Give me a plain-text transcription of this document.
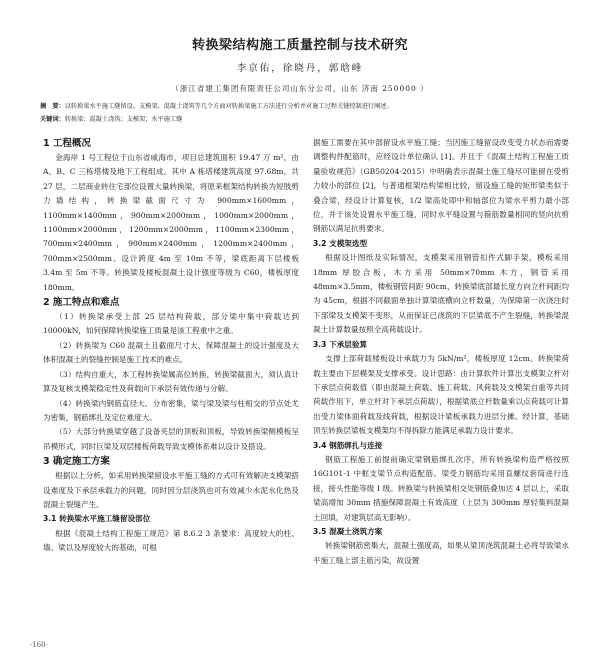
转换梁结构施工质量控制与技术研究
李京佑，徐晓丹，郭晗峰
（浙江省建工集团有限责任公司山东分公司，山东 济南 250000 ）
摘　要：以转换梁水平施工缝留设、支模架、混凝土浇筑等几个方面对转换梁施工方法进行分析并对施工过程关键控制进行阐述。
关键词：转换梁；混凝土浇筑；支模架；水平施工缝
1 工程概况

金海岸 1 号工程位于山东省威海市，项目总建筑面积 19.47 万 m²，由 A、B、C 三栋塔楼及地下工程组成。其中 A 栋塔楼建筑高度 97.68m，共 27 层，二层商业转住宅部位设置大量转换梁，将原来框架结构转换为短肢剪力墙结构，转换梁截面尺寸为 900mm×1600mm，1100mm×1400mm，900mm×2000mm，1000mm×2000mm，1100mm×2000mm，1200mm×2000mm，1100mm×2300mm，700mm×2400mm，900mm×2400mm，1200mm×2400mm，700mm×2500mm。设计跨度 4m 至 10m 不等，梁底距离下层楼板 3.4m 至 5m 不等。转换梁及楼板混凝土设计强度等级为 C60，楼板厚度 180mm。

2 施工特点和难点

（1）转换梁承受上部 25 层结构荷载，部分梁中集中荷载达到 10000kN，如何保障转换梁施工质量是该工程重中之重。

（2）转换梁为 C60 混凝土且截面尺寸大，保障混凝土的设计强度及大体积混凝土的裂缝控制是施工技术的难点。

（3）结构自重大，本工程转换梁属高位转换，转换梁截面大，须认真计算及复核支模架稳定性及荷载向下承层有效传递与分解。

（4）转换梁内钢筋直径大、分布密集，梁与梁及梁与柱相交的节点处尤为密集，钢筋绑扎及定位难度大。

（5）大部分转换梁穿越了设备夹层的顶板和顶板，导致转换梁侧模板呈吊模形式，同时巨梁及双层楼板荷载导致支模体系难以设计及搭设。

3 确定施工方案

根据以上分析，如采用转换梁留设水平施工缝的方式可有效解决支模架搭设难度及下承层承载力的问题，同时因分层浇筑也可有效减少水泥水化热及混凝土裂缝产生。

3.1 转换梁水平施工缝留设部位

根据《混凝土结构工程施工规范》第 8.6.2 3 条要求：高度较大的柱、墙、梁以及厚度较大的基础，可根

据施工需要在其中部留设水平施工缝；当因施工缝留设改变受力状态而需要调整构件配筋时，应经设计单位确认 [1]。并且于《混凝土结构工程施工质量验收规范》（GB50204-2015）中明确表示混凝土施工缝尽可能留在受剪力较小的部位 [2]，与普通框架结构梁相比较，留设施工缝的矩形梁类似于叠合梁，经设计计算复核，1/2 梁高处即中和轴部位为梁水平剪力最小部位，并于该处设置水平施工缝，同时水平缝设置与箍筋数量相同的竖向抗剪钢筋以满足抗剪要求。

3.2 支模架选型

根据设计图纸及实际情况，支模架采用钢管扣件式脚手架，模板采用 18mm 厚胶合板，木方采用 50mm×70mm 木方，钢管采用 48mm×3.5mm，楼板钢管间距 90cm，转换梁底部最长度方向立杆间距均为 45cm，根据不同截面单独计算梁底横向立杆数量，为保障第一次浇注时下部梁及支模架不变形，从而保证已浇筑的下层梁底不产生裂缝，转换梁混凝土计算数量按照全高荷载设计。

3.3 下承层验算

支撑上部荷载楼板设计承载力为 5kN/m²，楼板厚度 12cm。转换梁荷载主要由下层模架及支撑承受。设计思路：由计算软件计算出支模架立杆对下承层点荷载值（即由混凝土荷载、施工荷载、风荷载及支模架自重等共同荷载作用下，单立杆对下承层点荷载），根据梁底立杆数量乘以点荷载可计算出受力梁体面荷载及线荷载，根据设计梁板承载力进层分摊。经计算，基础顶至转换层梁板支模架均不得拆除方能满足承载力设计要求。

3.4 钢筋绑扎与连接

钢筋工程施工前提前确定梁钢筋绑扎次序，所有转换梁构造严格按照 16G101-1 中框支梁节点构造配筋。梁受力钢筋均采用直螺纹套筒进行连接，接头性能等级 I 级。转换梁与转换梁相交处钢筋叠加达 4 层以上，采取梁高增加 30mm 措施保障混凝土有效高度（上层为 300mm 厚轻集料混凝土回填，对建筑层高无影响）。

3.5 混凝土浇筑方案

转换梁钢筋密集大，混凝土强度高，如果从梁顶浇筑混凝土必将导致梁水平施工缝上部主筋污染，故设置

·160·
